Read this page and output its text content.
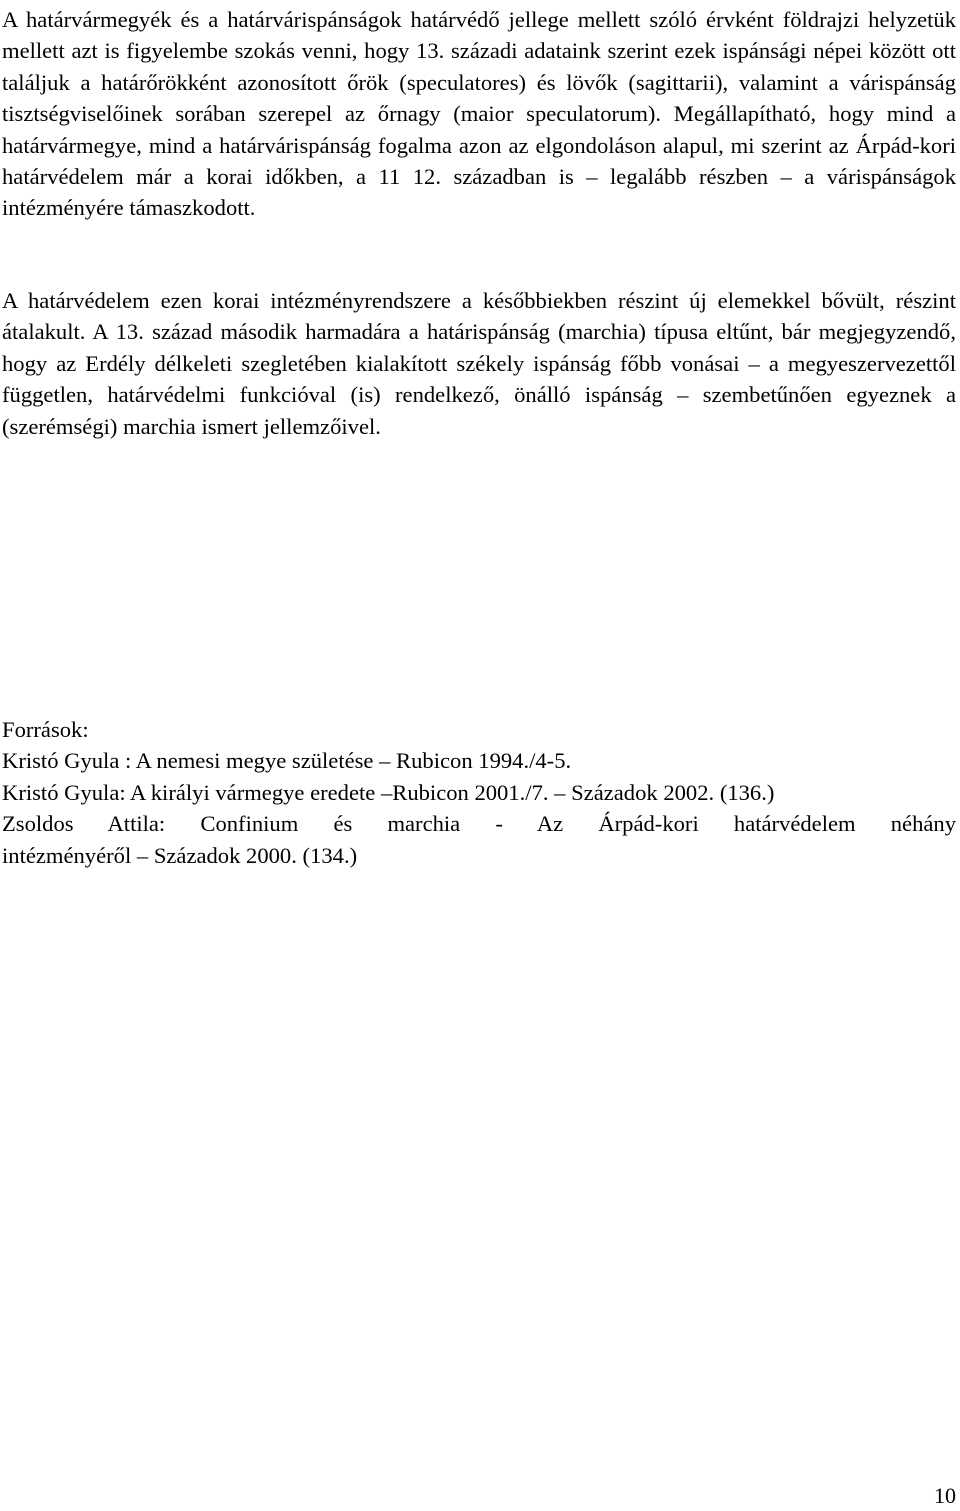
A határvármegyék és a határvárispánságok határvédő jellege mellett szóló érvként földrajzi helyzetük mellett azt is figyelembe szokás venni, hogy 13. századi adataink szerint ezek ispánsági népei között ott találjuk a határőrökként azonosított őrök (speculatores) és lövők (sagittarii), valamint a várispánság tisztségviselőinek sorában szerepel az őrnagy (maior speculatorum). Megállapítható, hogy mind a határvármegye, mind a határvárispánság fogalma azon az elgondoláson alapul, mi szerint az Árpád-kori határvédelem már a korai időkben, a 11 12. században is – legalább részben – a várispánságok intézményére támaszkodott.

A határvédelem ezen korai intézményrendszere a későbbiekben részint új elemekkel bővült, részint átalakult. A 13. század második harmadára a határispánság (marchia) típusa eltűnt, bár megjegyzendő, hogy az Erdély délkeleti szegletében kialakított székely ispánság főbb vonásai – a megyeszervezettől független, határvédelmi funkcióval (is) rendelkező, önálló ispánság – szembetűnően egyeznek a (szerémségi) marchia ismert jellemzőivel.

Források:
Kristó Gyula : A nemesi megye születése – Rubicon 1994./4-5.
Kristó Gyula: A királyi vármegye eredete –Rubicon 2001./7. – Századok 2002. (136.)
Zsoldos Attila: Confinium és marchia - Az Árpád-kori határvédelem néhány
intézményéről – Századok 2000. (134.)
10
